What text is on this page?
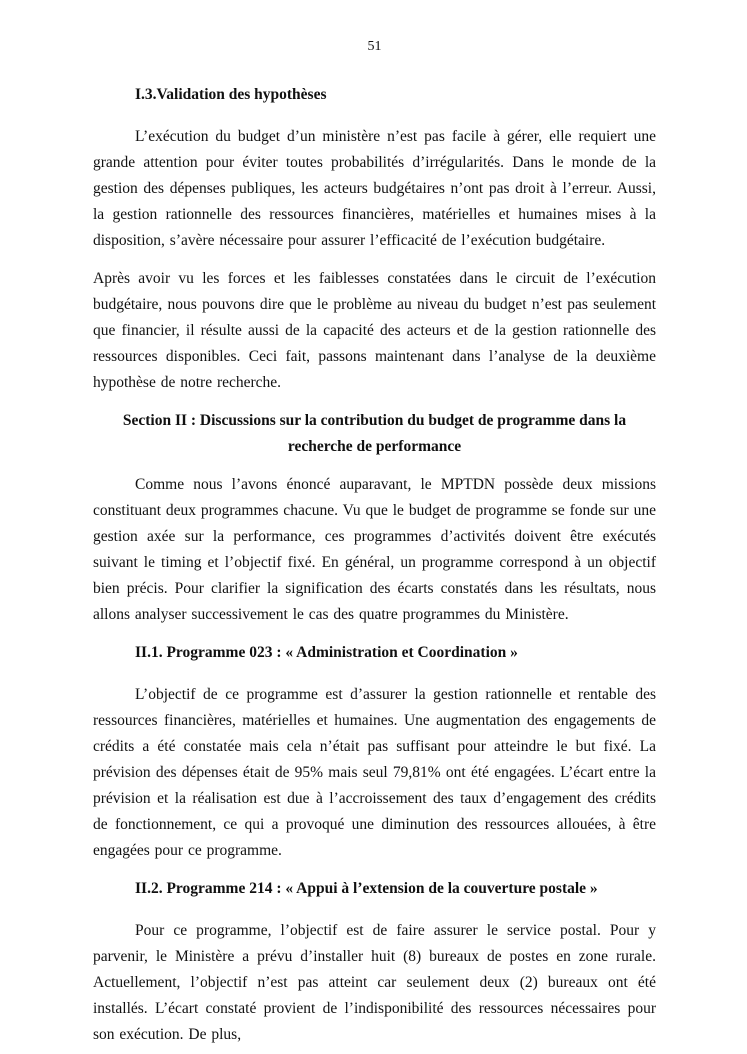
51
I.3.Validation des hypothèses

L’exécution du budget d’un ministère n’est pas facile à gérer, elle requiert une grande attention pour éviter toutes probabilités d’irrégularités. Dans le monde de la gestion des dépenses publiques, les acteurs budgétaires n’ont pas droit à l’erreur. Aussi, la gestion rationnelle des ressources financières, matérielles et humaines mises à la disposition, s’avère nécessaire pour assurer l’efficacité de l’exécution budgétaire.

Après avoir vu les forces et les faiblesses constatées dans le circuit de l’exécution budgétaire, nous pouvons dire que le problème au niveau du budget n’est pas seulement que financier, il résulte aussi de la capacité des acteurs et de la gestion rationnelle des ressources disponibles. Ceci fait, passons maintenant dans l’analyse de la deuxième hypothèse de notre recherche.

Section II : Discussions sur la contribution du budget de programme dans la recherche de performance

Comme nous l’avons énoncé auparavant, le MPTDN possède deux missions constituant deux programmes chacune. Vu que le budget de programme se fonde sur une gestion axée sur la performance, ces programmes d’activités doivent être exécutés suivant le timing et l’objectif fixé. En général, un programme correspond à un objectif bien précis. Pour clarifier la signification des écarts constatés dans les résultats, nous allons analyser successivement le cas des quatre programmes du Ministère.

II.1. Programme 023 : « Administration et Coordination »

L’objectif de ce programme est d’assurer la gestion rationnelle et rentable des ressources financières, matérielles et humaines. Une augmentation des engagements de crédits a été constatée mais cela n’était pas suffisant pour atteindre le but fixé. La prévision des dépenses était de 95% mais seul 79,81% ont été engagées. L’écart entre la prévision et la réalisation est due à l’accroissement des taux d’engagement des crédits de fonctionnement, ce qui a provoqué une diminution des ressources allouées, à être engagées pour ce programme.

II.2. Programme 214 : « Appui à l’extension de la couverture postale »

Pour ce programme, l’objectif est de faire assurer le service postal. Pour y parvenir, le Ministère a prévu d’installer huit (8) bureaux de postes en zone rurale. Actuellement, l’objectif n’est pas atteint car seulement deux (2) bureaux ont été installés. L’écart constaté provient de l’indisponibilité des ressources nécessaires pour son exécution. De plus,
